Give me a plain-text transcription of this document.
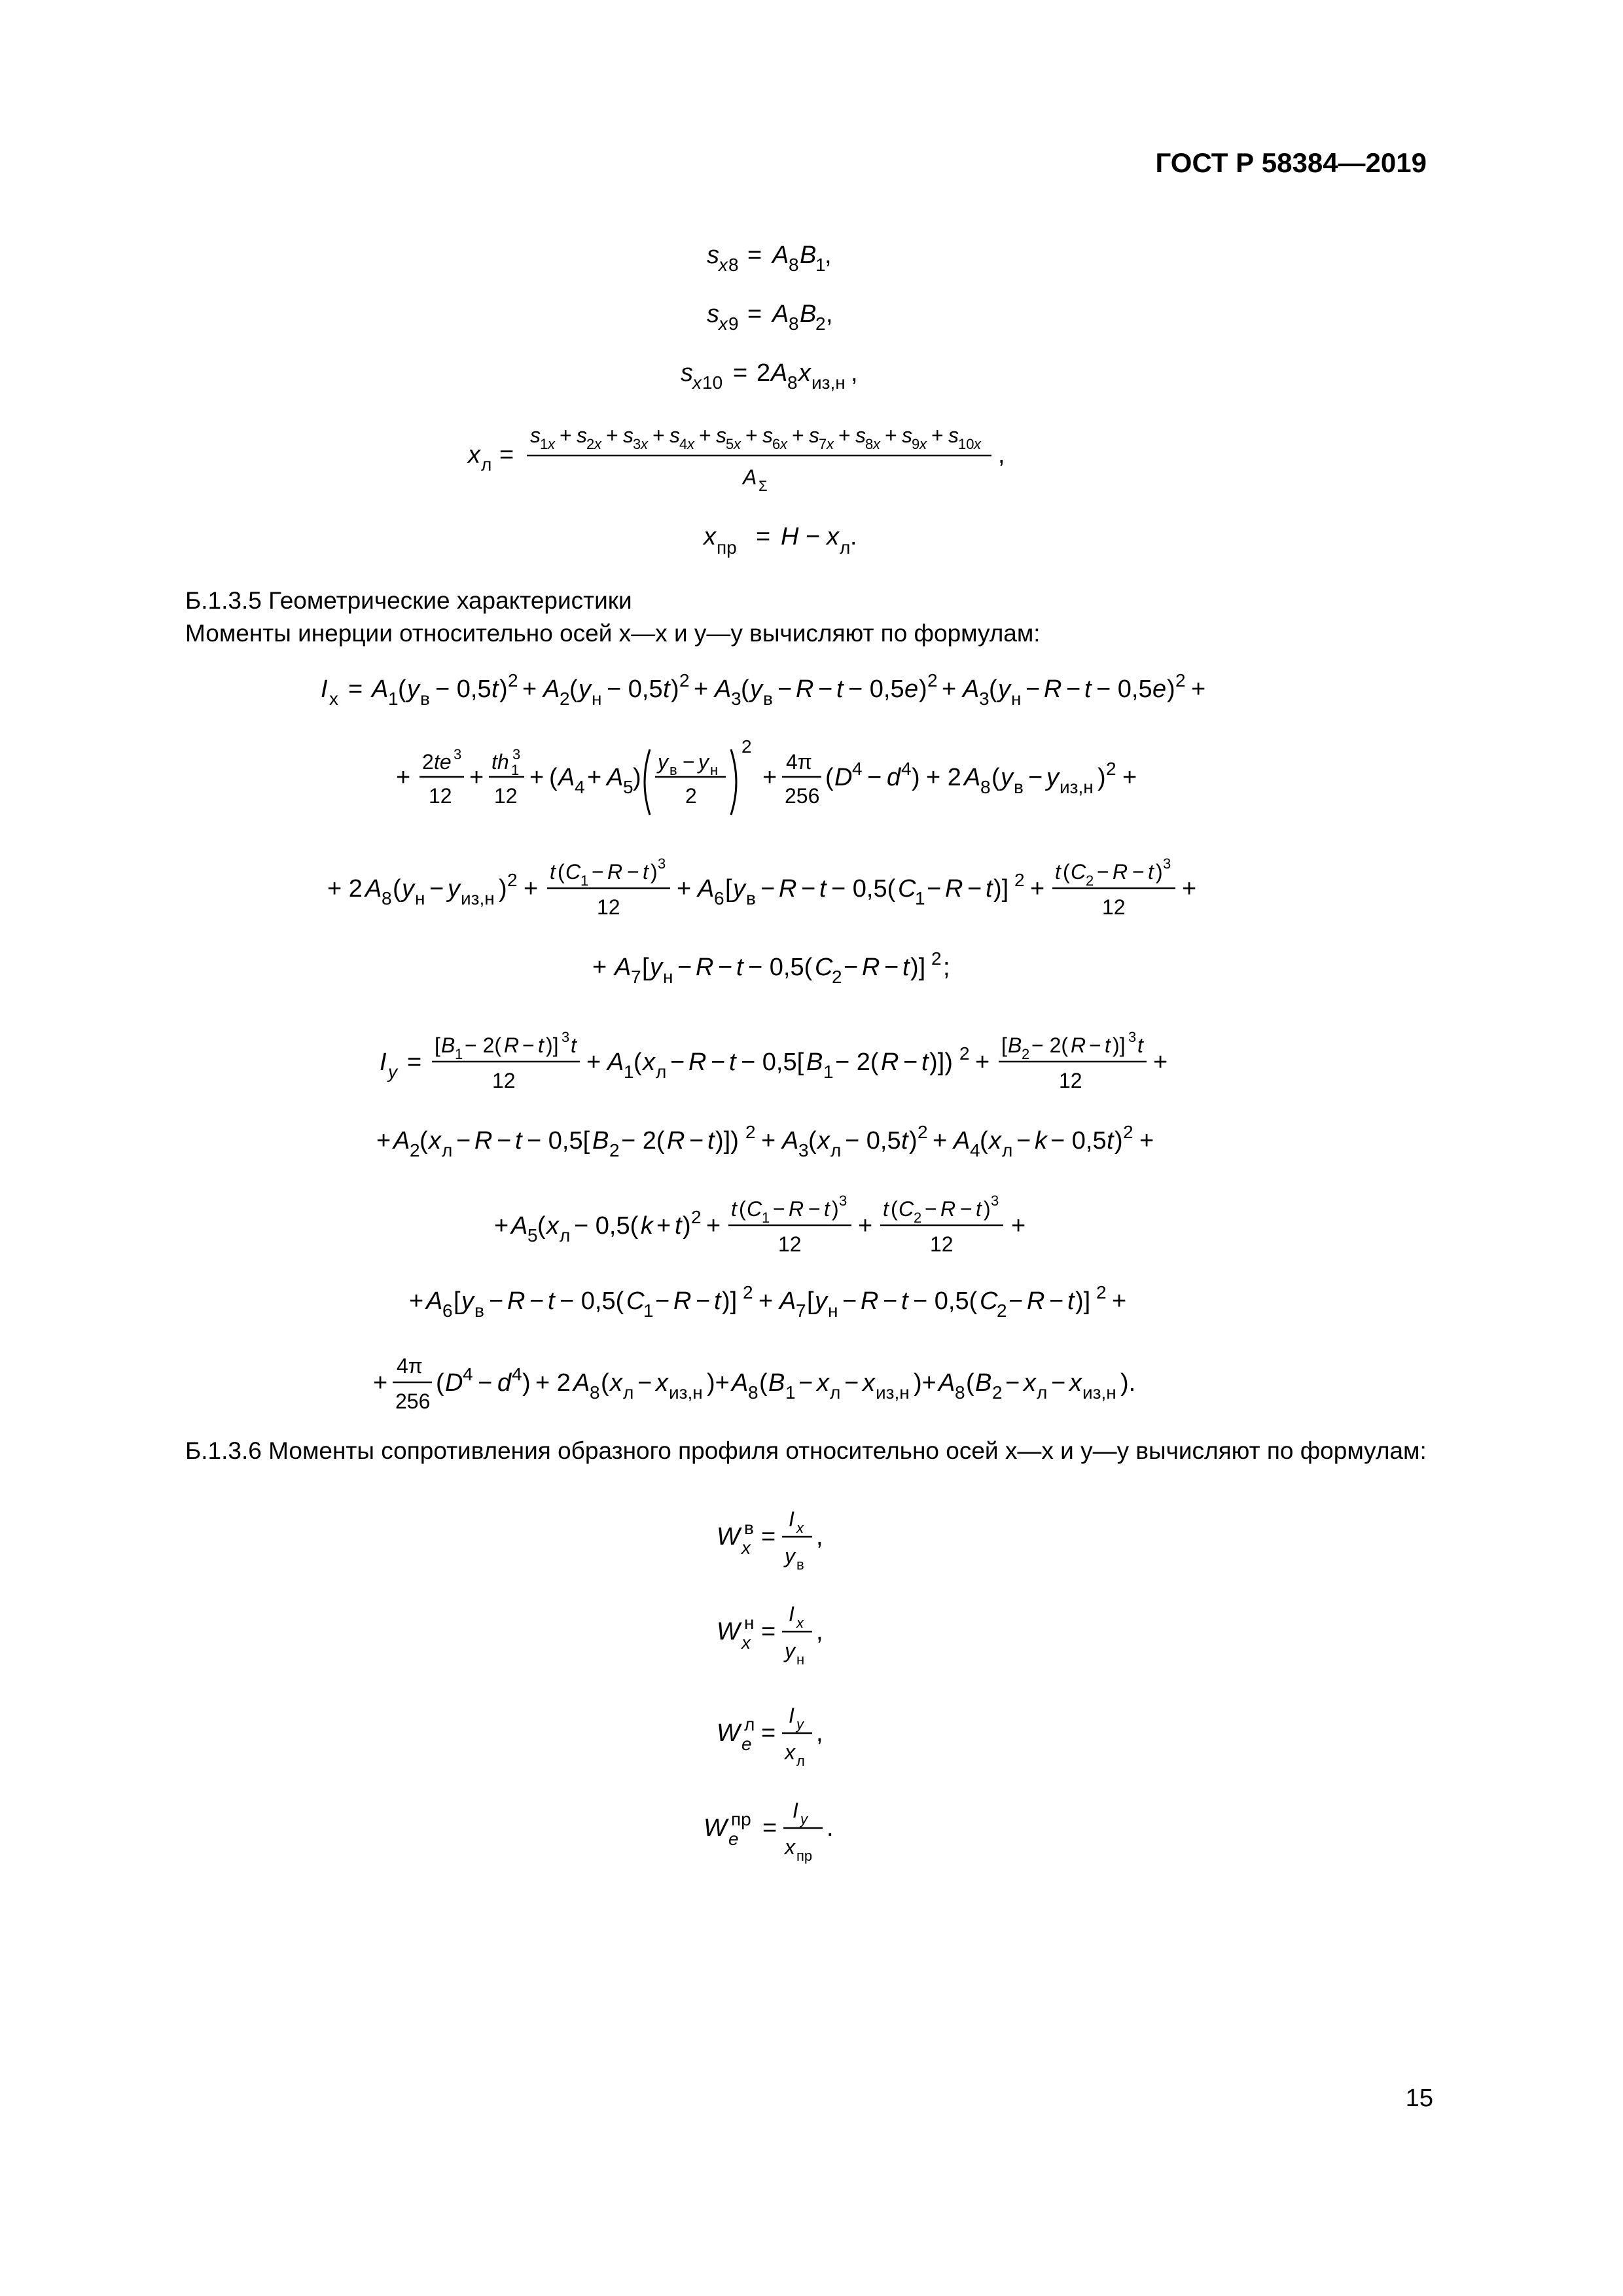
ГОСТ Р 58384—2019
s x 8 = A 8 B
1
,
s x 9 = A 8 B
2 ,
s x 10 = 2 A 8 x из,н ,
x л =
s 1 x + s 2 x + s 3 x + s 4 x + s 5 x + s 6 x + s 7 x + s 8 x + s 9 x + s 10 x
A Σ
,
x пр = H − x л .
Б.1.3.5 Геометрические характеристики
Моменты инерции относительно осей x—x и y—y вычисляют по формулам:
I x = A 1 ( y в − 0,5 t ) 2 + A 2 ( y н − 0,5 t ) 2 + A 3 ( y в − R − t − 0,5 e ) 2 + A 3 ( y н − R − t − 0,5 e ) 2 +
+
2 te 3
12
+
th 1
3
12
+ ( A 4 + A 5 )
y в − y н
2
2
+
4π
256
( D 4 − d 4 ) + 2 A 8 ( y в − y из,н ) 2 +
+ 2 A 8 ( y н − y из,н ) 2 +
t ( C 1 − R − t ) 3
12
+ A 6 [ y в − R − t − 0,5( C
1 − R − t )] 2 +
t ( C 2 − R − t ) 3
12
+
+ A 7 [ y н − R − t − 0,5( C
2 − R − t )] 2 ;
I y =
[ B 1 − 2( R − t )] 3 t
12
+ A 1 ( x л − R − t − 0,5[ B 1 − 2( R − t )]) 2 +
[ B 2 − 2( R − t )] 3 t
12
+
+ A 2 ( x л − R − t − 0,5[ B 2 − 2( R − t )]) 2 + A 3 ( x л − 0,5 t ) 2 + A 4 ( x л − k − 0,5 t ) 2 +
+ A 5 ( x л − 0,5( k + t ) 2 +
t ( C 1 − R − t ) 3
12
+
t ( C 2 − R − t ) 3
12
+
+ A 6 [ y в − R − t − 0,5( C
1 − R − t )] 2 + A 7 [ y н − R − t − 0,5( C
2 − R − t )] 2 +
+
4π
256
( D 4 − d 4 ) + 2 A 8 ( x л − x из,н )+ A 8 ( B 1 − x л − x из,н )+ A 8 ( B 2 − x л − x из,н ).
Б.1.3.6 Моменты сопротивления образного профиля относительно осей x—x и y—y вычисляют по формулам:
W x
в =
I x
y в
,
W x
н =
I x
y н
,
W e
л =
I y
x л
,
W e
пр =
I y
x пр
.
15
